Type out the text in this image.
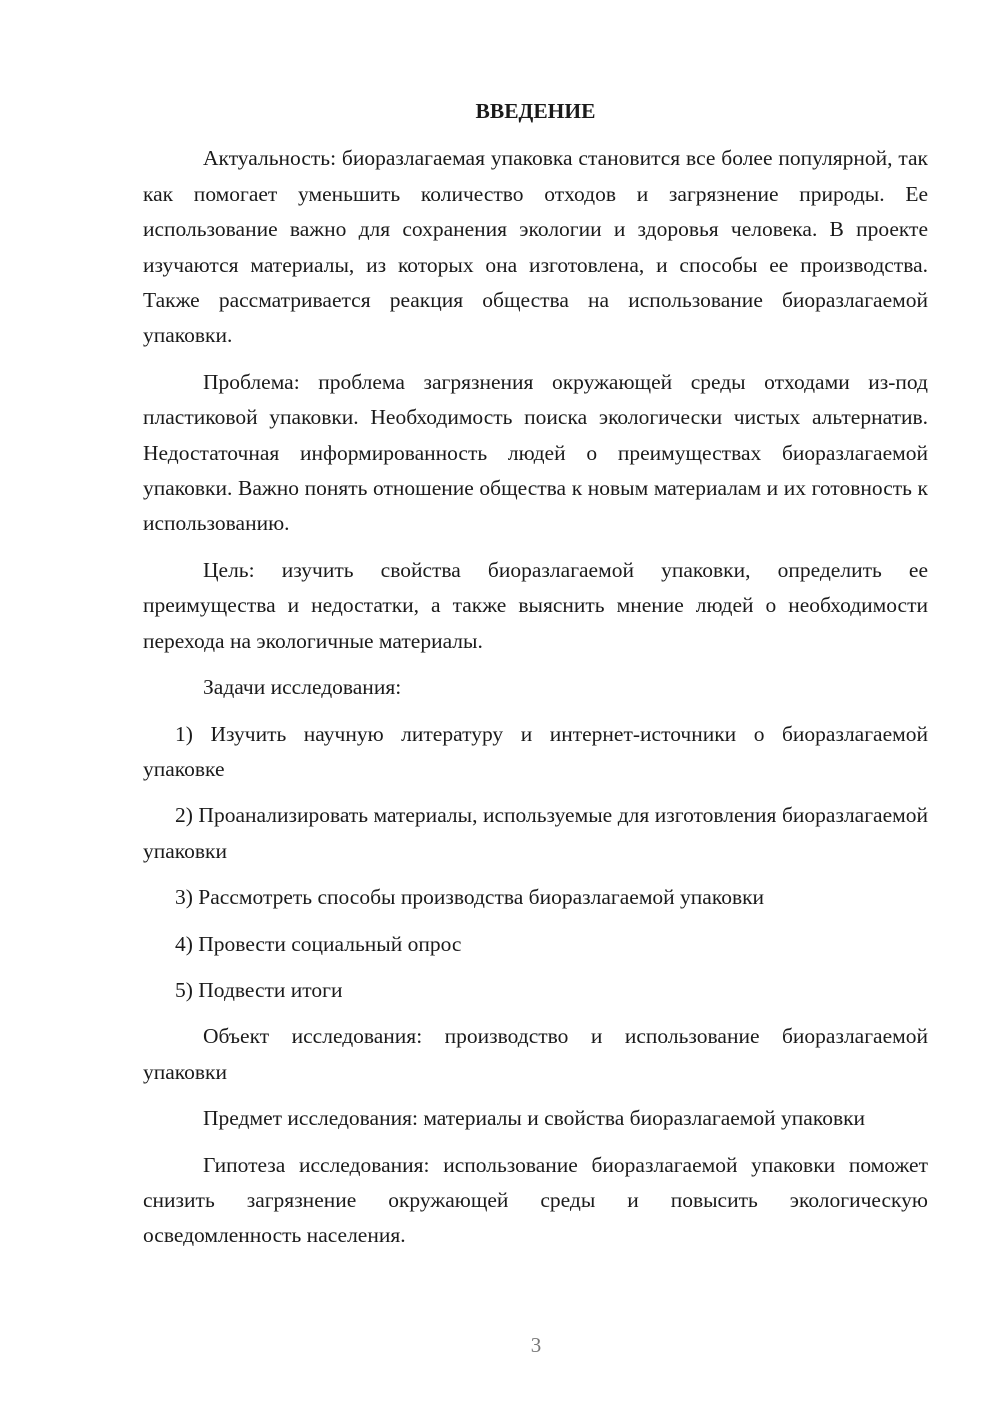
ВВЕДЕНИЕ

Актуальность: биоразлагаемая упаковка становится все более популярной, так как помогает уменьшить количество отходов и загрязнение природы. Ее использование важно для сохранения экологии и здоровья человека. В проекте изучаются материалы, из которых она изготовлена, и способы ее производства. Также рассматривается реакция общества на использование биоразлагаемой упаковки.

Проблема: проблема загрязнения окружающей среды отходами из-под пластиковой упаковки. Необходимость поиска экологически чистых альтернатив. Недостаточная информированность людей о преимуществах биоразлагаемой упаковки. Важно понять отношение общества к новым материалам и их готовность к использованию.

Цель: изучить свойства биоразлагаемой упаковки, определить ее преимущества и недостатки, а также выяснить мнение людей о необходимости перехода на экологичные материалы.

Задачи исследования:

1) Изучить научную литературу и интернет-источники о биоразлагаемой упаковке

2) Проанализировать материалы, используемые для изготовления биоразлагаемой упаковки

3) Рассмотреть способы производства биоразлагаемой упаковки

4) Провести социальный опрос

5) Подвести итоги

Объект исследования: производство и использование биоразлагаемой упаковки

Предмет исследования: материалы и свойства биоразлагаемой упаковки

Гипотеза исследования: использование биоразлагаемой упаковки поможет снизить загрязнение окружающей среды и повысить экологическую осведомленность населения.

3
